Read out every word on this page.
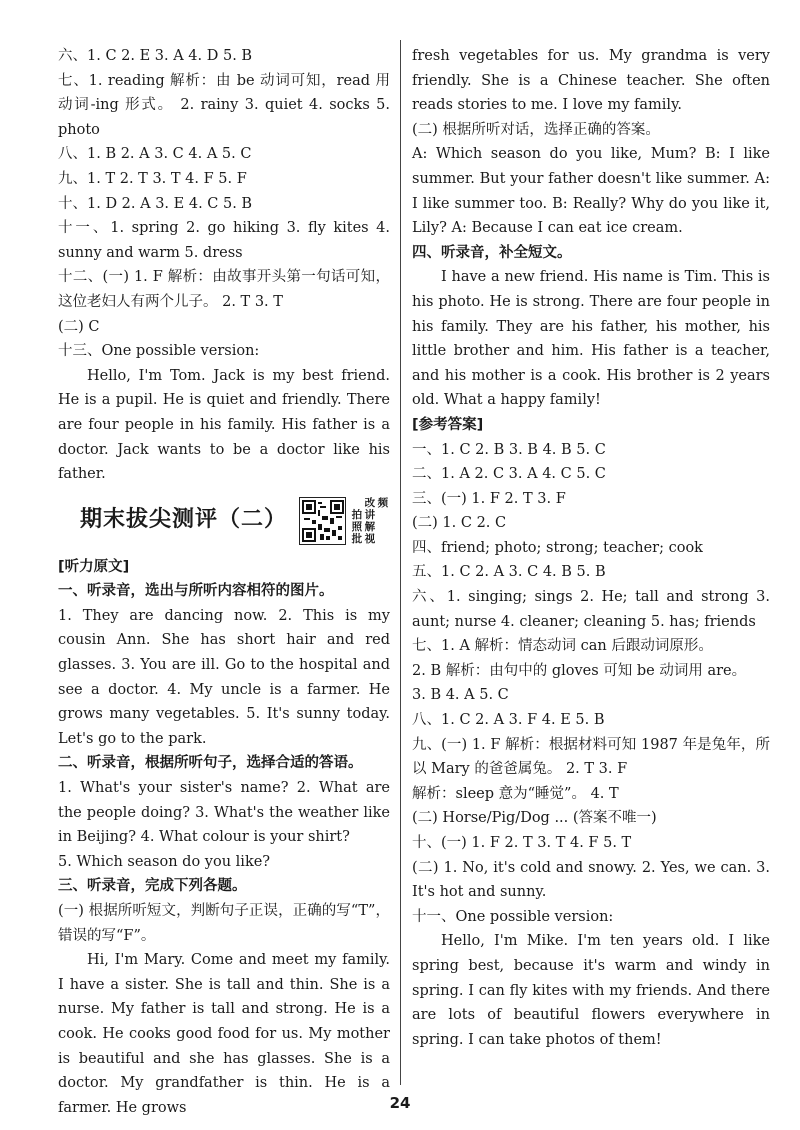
六、1. C 2. E 3. A 4. D 5. B

七、1. reading 解析：由 be 动词可知，read 用动词-ing 形式。 2. rainy 3. quiet 4. socks 5. photo

八、1. B 2. A 3. C 4. A 5. C

九、1. T 2. T 3. T 4. F 5. F

十、1. D 2. A 3. E 4. C 5. B

十一、1. spring 2. go hiking 3. fly kites 4. sunny and warm 5. dress

十二、(一) 1. F 解析：由故事开头第一句话可知，这位老妇人有两个儿子。 2. T 3. T

(二) C

十三、One possible version:

Hello, I'm Tom. Jack is my best friend. He is a pupil. He is quiet and friendly. There are four people in his family. His father is a doctor. Jack wants to be a doctor like his father.

期末拔尖测评（二）	拍
照
批
改
讲
解
视
频

[听力原文]

一、听录音，选出与所听内容相符的图片。

1. They are dancing now. 2. This is my cousin Ann. She has short hair and red glasses. 3. You are ill. Go to the hospital and see a doctor. 4. My uncle is a farmer. He grows many vegetables. 5. It's sunny today. Let's go to the park.

二、听录音，根据所听句子，选择合适的答语。

1. What's your sister's name? 2. What are the people doing? 3. What's the weather like in Beijing? 4. What colour is your shirt?

5. Which season do you like?

三、听录音，完成下列各题。

(一) 根据所听短文，判断句子正误，正确的写“T”，错误的写“F”。

Hi, I'm Mary. Come and meet my family. I have a sister. She is tall and thin. She is a nurse. My father is tall and strong. He is a cook. He cooks good food for us. My mother is beautiful and she has glasses. She is a doctor. My grandfather is thin. He is a farmer. He grows

fresh vegetables for us. My grandma is very friendly. She is a Chinese teacher. She often reads stories to me. I love my family.

(二) 根据所听对话，选择正确的答案。

A: Which season do you like, Mum? B: I like summer. But your father doesn't like summer. A: I like summer too. B: Really? Why do you like it, Lily? A: Because I can eat ice cream.

四、听录音，补全短文。

I have a new friend. His name is Tim. This is his photo. He is strong. There are four people in his family. They are his father, his mother, his little brother and him. His father is a teacher, and his mother is a cook. His brother is 2 years old. What a happy family!

[参考答案]

一、1. C 2. B 3. B 4. B 5. C

二、1. A 2. C 3. A 4. C 5. C

三、(一) 1. F 2. T 3. F

(二) 1. C 2. C

四、friend; photo; strong; teacher; cook

五、1. C 2. A 3. C 4. B 5. B

六、1. singing; sings 2. He; tall and strong 3. aunt; nurse 4. cleaner; cleaning 5. has; friends

七、1. A 解析：情态动词 can 后跟动词原形。

2. B 解析：由句中的 gloves 可知 be 动词用 are。

3. B 4. A 5. C

八、1. C 2. A 3. F 4. E 5. B

九、(一) 1. F 解析：根据材料可知 1987 年是兔年，所以 Mary 的爸爸属兔。 2. T 3. F

解析：sleep 意为“睡觉”。 4. T

(二) Horse/Pig/Dog ... (答案不唯一)

十、(一) 1. F 2. T 3. T 4. F 5. T

(二) 1. No, it's cold and snowy. 2. Yes, we can. 3. It's hot and sunny.

十一、One possible version:

Hello, I'm Mike. I'm ten years old. I like spring best, because it's warm and windy in spring. I can fly kites with my friends. And there are lots of beautiful flowers everywhere in spring. I can take photos of them!

24
